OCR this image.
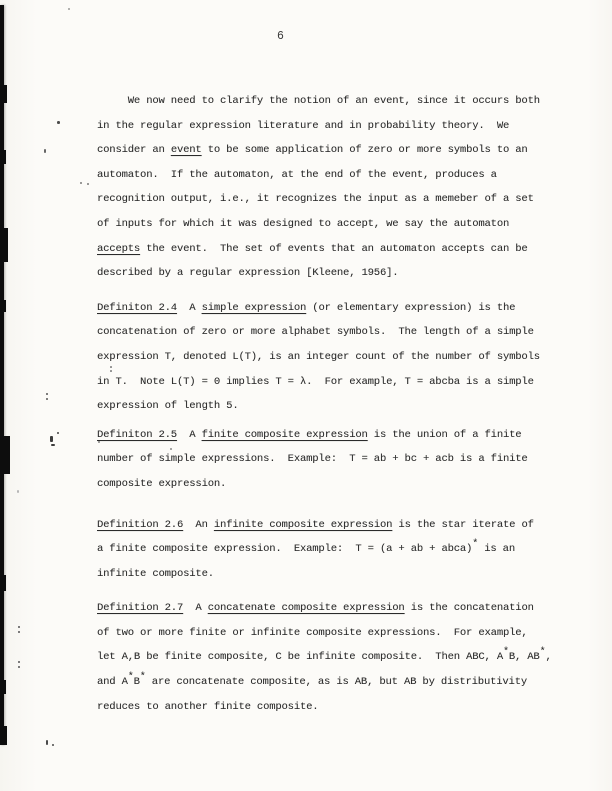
6
We now need to clarify the notion of an event, since it occurs both
in the regular expression literature and in probability theory.  We
consider an event to be some application of zero or more symbols to an
automaton.  If the automaton, at the end of the event, produces a
recognition output, i.e., it recognizes the input as a memeber of a set
of inputs for which it was designed to accept, we say the automaton
accepts the event.  The set of events that an automaton accepts can be
described by a regular expression [Kleene, 1956].
Definiton 2.4  A simple expression (or elementary expression) is the
concatenation of zero or more alphabet symbols.  The length of a simple
expression T, denoted L(T), is an integer count of the number of symbols
in T.  Note L(T) = 0 implies T = λ.  For example, T = abcba is a simple
expression of length 5.
Definiton 2.5  A finite composite expression is the union of a finite
number of simple expressions.  Example:  T = ab + bc + acb is a finite
composite expression.
Definition 2.6  An infinite composite expression is the star iterate of
a finite composite expression.  Example:  T = (a + ab + abca)* is an
infinite composite.
Definition 2.7  A concatenate composite expression is the concatenation
of two or more finite or infinite composite expressions.  For example,
let A,B be finite composite, C be infinite composite.  Then ABC, A*B, AB*,
and A*B* are concatenate composite, as is AB, but AB by distributivity
reduces to another finite composite.
